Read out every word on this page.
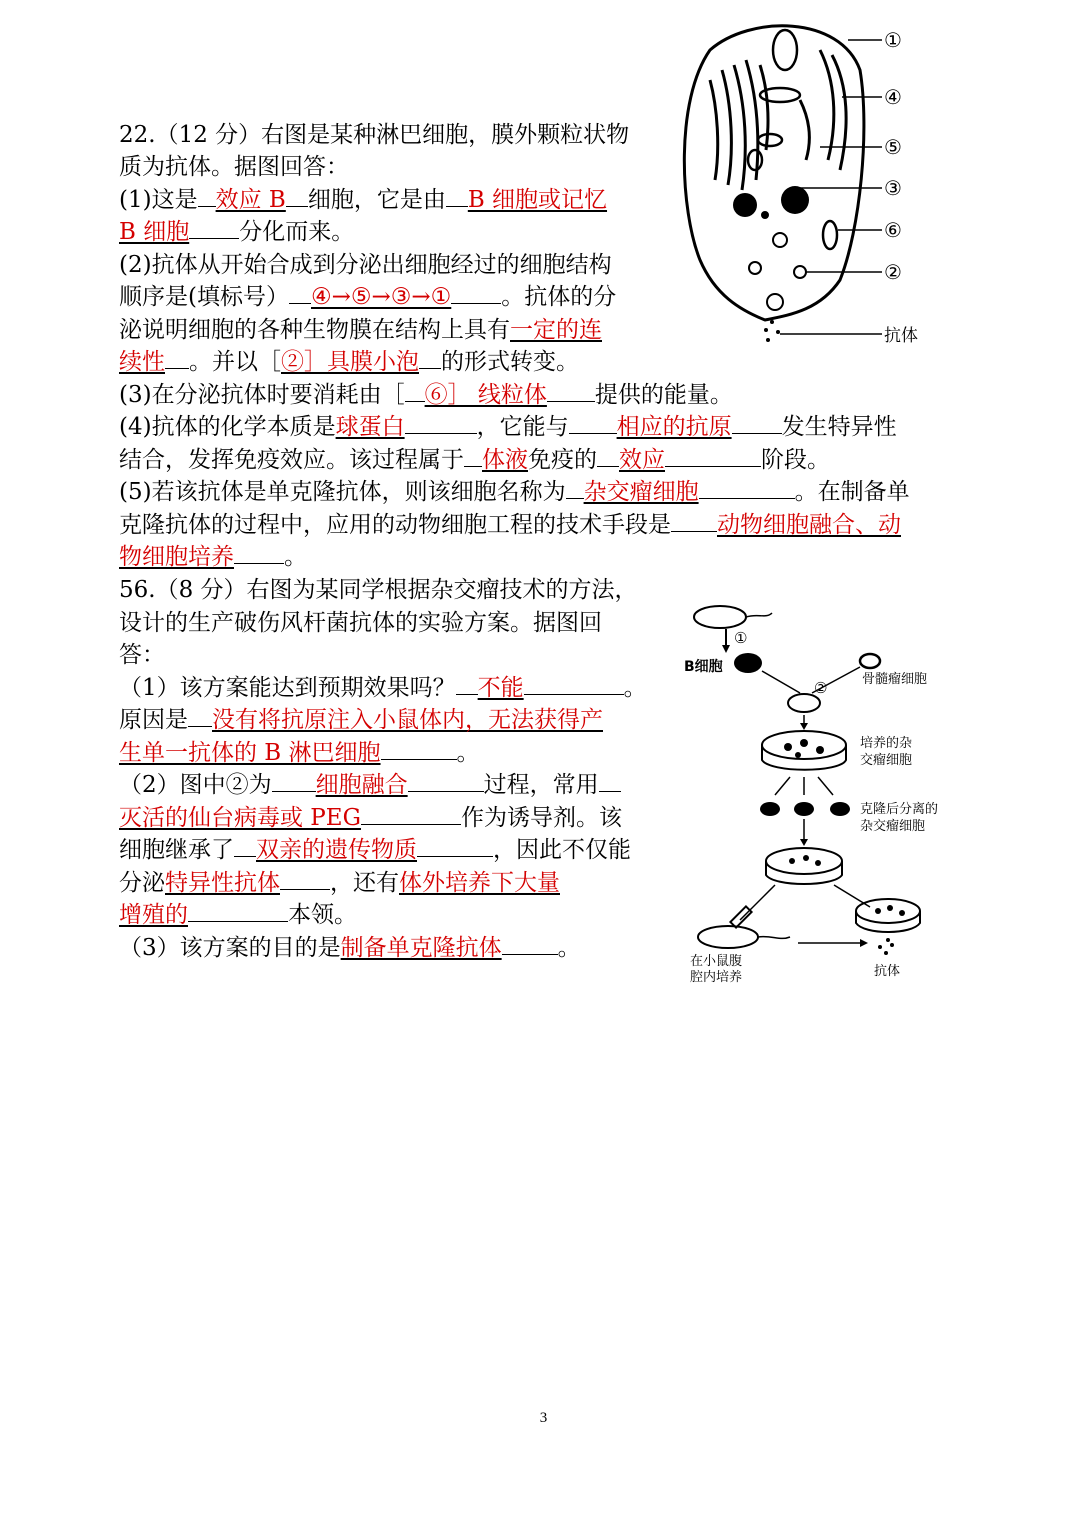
22.（12 分）右图是某种淋巴细胞，膜外颗粒状物
质为抗体。据图回答：
(1)这是 效应 B 细胞，它是由 B 细胞或记忆
B 细胞 分化而来。
(2)抗体从开始合成到分泌出细胞经过的细胞结构
顺序是(填标号） ④→⑤→③→① 。抗体的分
泌说明细胞的各种生物膜在结构上具有一定的连
续性 。并以［②］具膜小泡 的形式转变。
(3)在分泌抗体时要消耗由［ ⑥］ 线粒体 提供的能量。
(4)抗体的化学本质是球蛋白	，它能与 相应的抗原 发生特异性
结合，发挥免疫效应。该过程属于 体液免疫的 效应	阶段。
(5)若该抗体是单克隆抗体，则该细胞名称为 杂交瘤细胞	。在制备单
克隆抗体的过程中，应用的动物细胞工程的技术手段是 动物细胞融合、动
物细胞培养 。
56.（8 分）右图为某同学根据杂交瘤技术的方法，
设计的生产破伤风杆菌抗体的实验方案。据图回
答：
（1）该方案能达到预期效果吗？ 不能	。
原因是 没有将抗原注入小鼠体内，无法获得产
生单一抗体的 B 淋巴细胞	。
（2）图中②为 细胞融合	过程，常用
灭活的仙台病毒或 PEG	作为诱导剂。该
细胞继承了 双亲的遗传物质	，因此不仅能
分泌特异性抗体 ，还有体外培养下大量
增殖的	本领。
（3）该方案的目的是制备单克隆抗体 。
①
④
⑤
③
⑥
②
抗体
①
B细胞
骨髓瘤细胞
②
培养的杂
交瘤细胞
克隆后分离的
杂交瘤细胞
在小鼠腹
腔内培养	抗体
3
